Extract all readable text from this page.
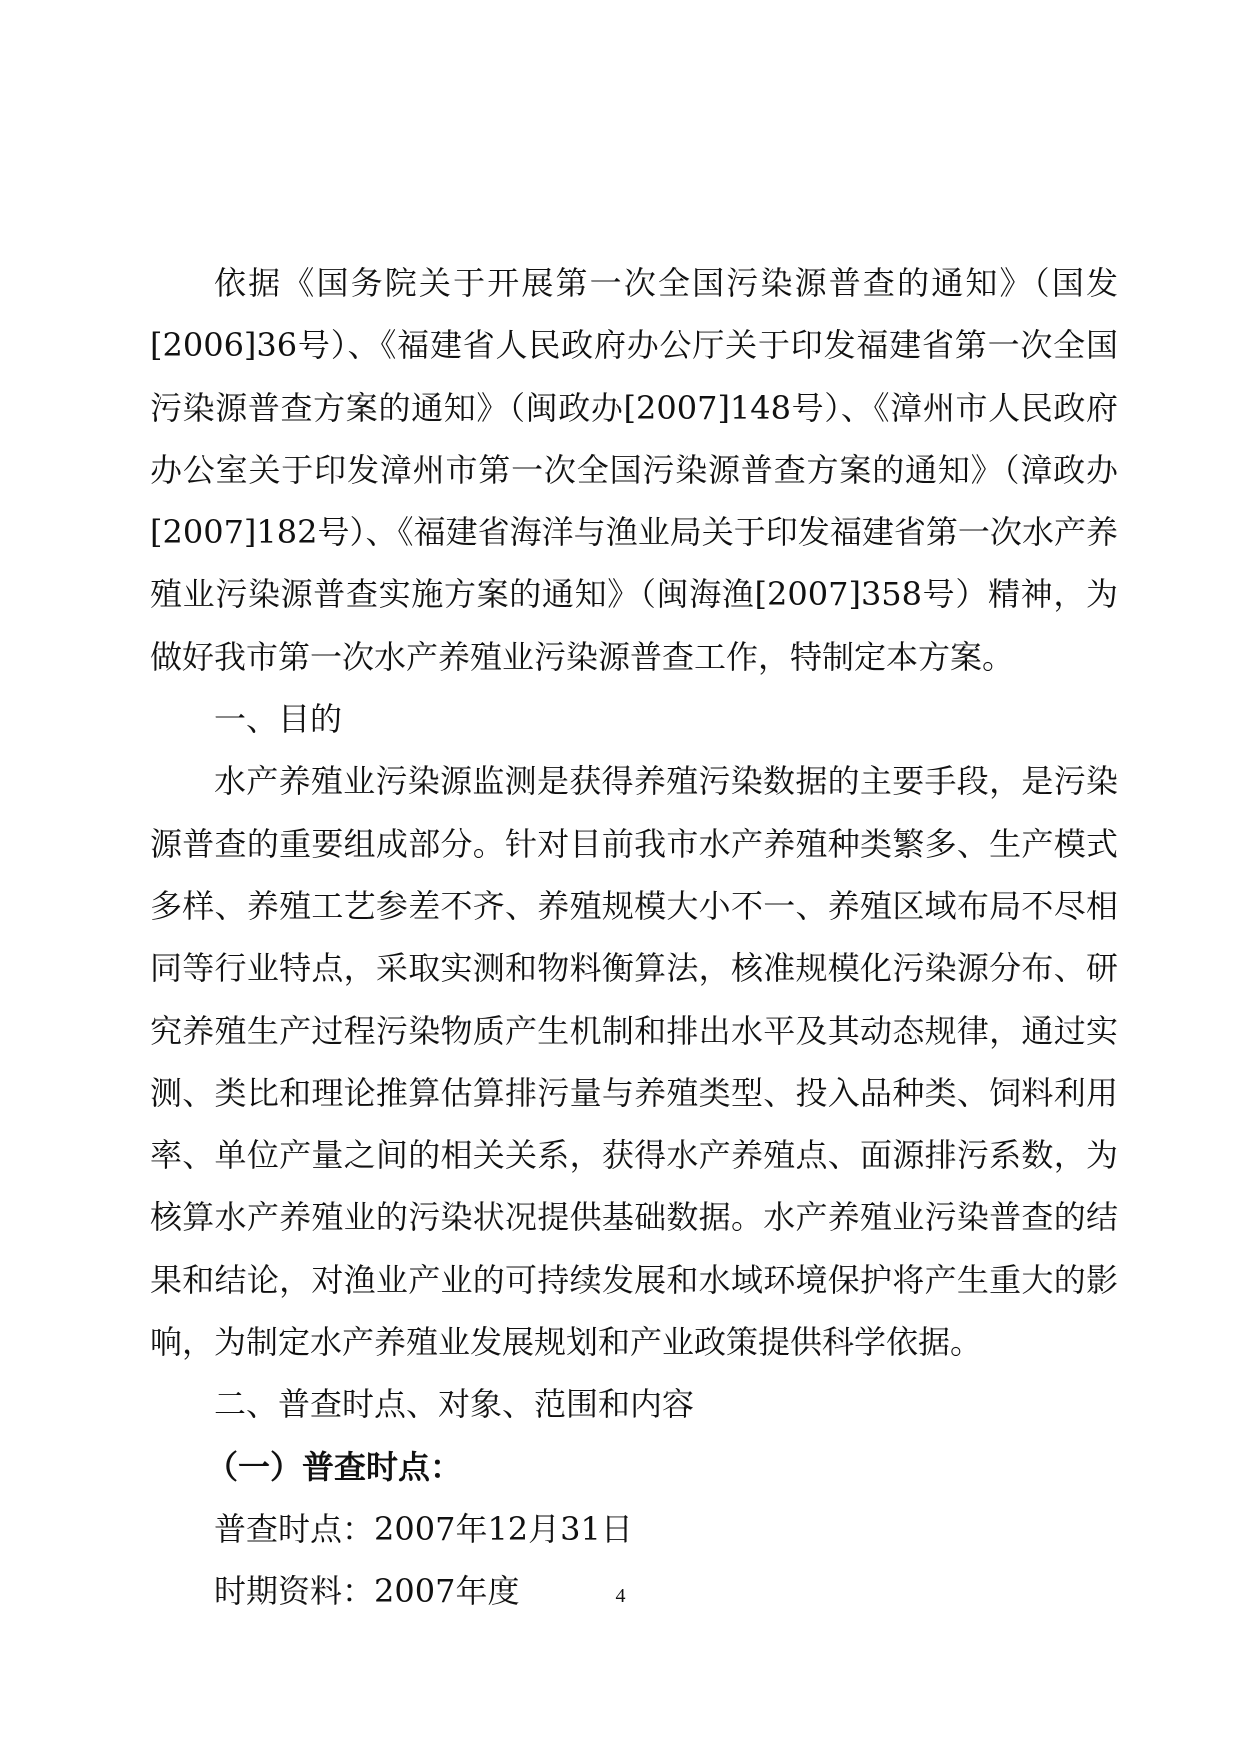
依据《国务院关于开展第一次全国污染源普查的通知》（国发[2006]36号）、《福建省人民政府办公厅关于印发福建省第一次全国污染源普查方案的通知》（闽政办[2007]148号）、《漳州市人民政府办公室关于印发漳州市第一次全国污染源普查方案的通知》（漳政办[2007]182号）、《福建省海洋与渔业局关于印发福建省第一次水产养殖业污染源普查实施方案的通知》（闽海渔[2007]358号）精神，为做好我市第一次水产养殖业污染源普查工作，特制定本方案。

一、目的

水产养殖业污染源监测是获得养殖污染数据的主要手段，是污染源普查的重要组成部分。针对目前我市水产养殖种类繁多、生产模式多样、养殖工艺参差不齐、养殖规模大小不一、养殖区域布局不尽相同等行业特点，采取实测和物料衡算法，核准规模化污染源分布、研究养殖生产过程污染物质产生机制和排出水平及其动态规律，通过实测、类比和理论推算估算排污量与养殖类型、投入品种类、饲料利用率、单位产量之间的相关关系，获得水产养殖点、面源排污系数，为核算水产养殖业的污染状况提供基础数据。水产养殖业污染普查的结果和结论，对渔业产业的可持续发展和水域环境保护将产生重大的影响，为制定水产养殖业发展规划和产业政策提供科学依据。

二、普查时点、对象、范围和内容

（一）普查时点：

普查时点：2007年12月31日

时期资料：2007年度	4
